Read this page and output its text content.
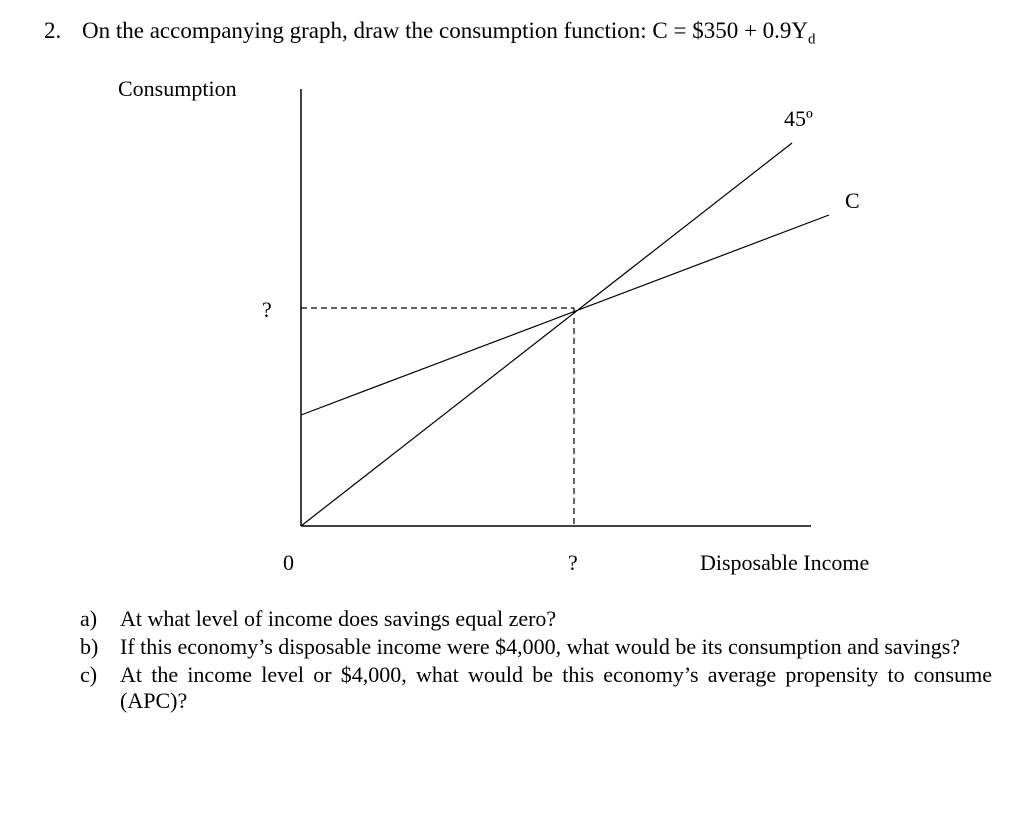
2. On the accompanying graph, draw the consumption function: C = $350 + $0.9Y_d$
Consumption
?
0	?	Disposable Income
45º
C
a)	At what level of income does savings equal zero?
b) If this economy’s disposable income were $4,000, what would be its consumption and savings?
c)	At the income level or $4,000, what would be this economy’s average propensity to consume (APC)?
